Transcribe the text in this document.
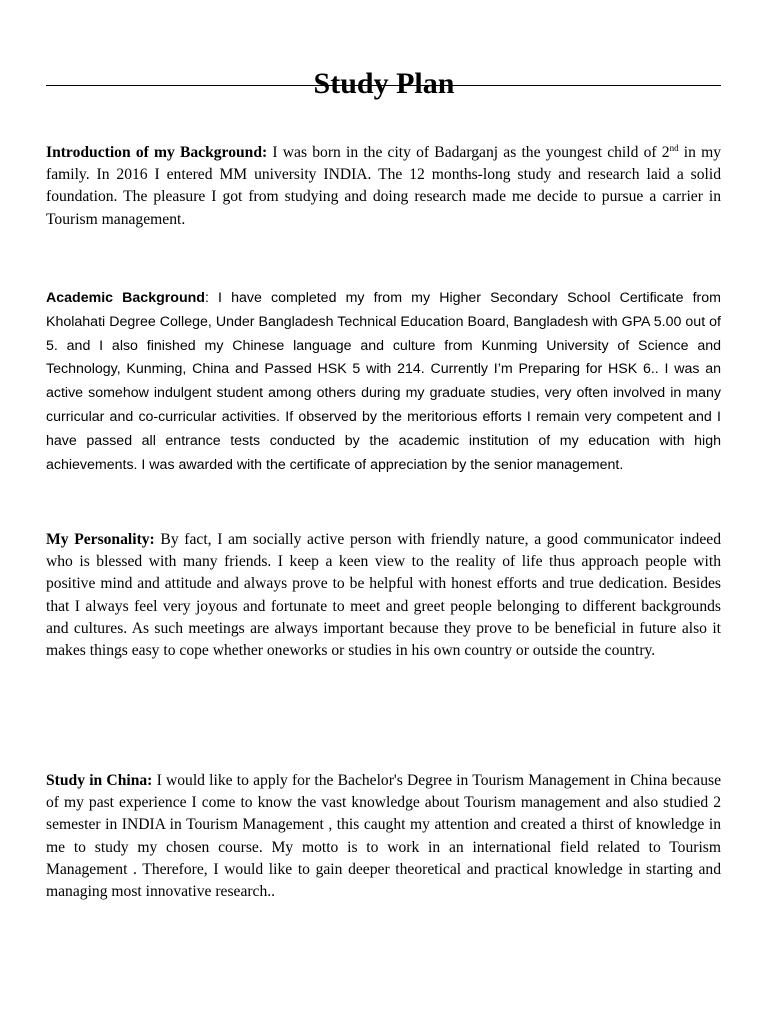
Study Plan

Introduction of my Background: I was born in the city of Badarganj as the youngest child of 2nd in my family. In 2016 I entered MM university INDIA. The 12 months-long study and research laid a solid foundation. The pleasure I got from studying and doing research made me decide to pursue a carrier in Tourism management.

Academic Background: I have completed my from my Higher Secondary School Certificate from Kholahati Degree College, Under Bangladesh Technical Education Board, Bangladesh with GPA 5.00 out of 5. and I also finished my Chinese language and culture from Kunming University of Science and Technology, Kunming, China and Passed HSK 5 with 214. Currently I’m Preparing for HSK 6.. I was an active somehow indulgent student among others during my graduate studies, very often involved in many curricular and co-curricular activities. If observed by the meritorious efforts I remain very competent and I have passed all entrance tests conducted by the academic institution of my education with high achievements. I was awarded with the certificate of appreciation by the senior management.

My Personality: By fact, I am socially active person with friendly nature, a good communicator indeed who is blessed with many friends. I keep a keen view to the reality of life thus approach people with positive mind and attitude and always prove to be helpful with honest efforts and true dedication. Besides that I always feel very joyous and fortunate to meet and greet people belonging to different backgrounds and cultures. As such meetings are always important because they prove to be beneficial in future also it makes things easy to cope whether oneworks or studies in his own country or outside the country.

Study in China: I would like to apply for the Bachelor's Degree in Tourism Management in China because of my past experience I come to know the vast knowledge about Tourism management and also studied 2 semester in INDIA in Tourism Management , this caught my attention and created a thirst of knowledge in me to study my chosen course. My motto is to work in an international field related to Tourism Management . Therefore, I would like to gain deeper theoretical and practical knowledge in starting and managing most innovative research..
